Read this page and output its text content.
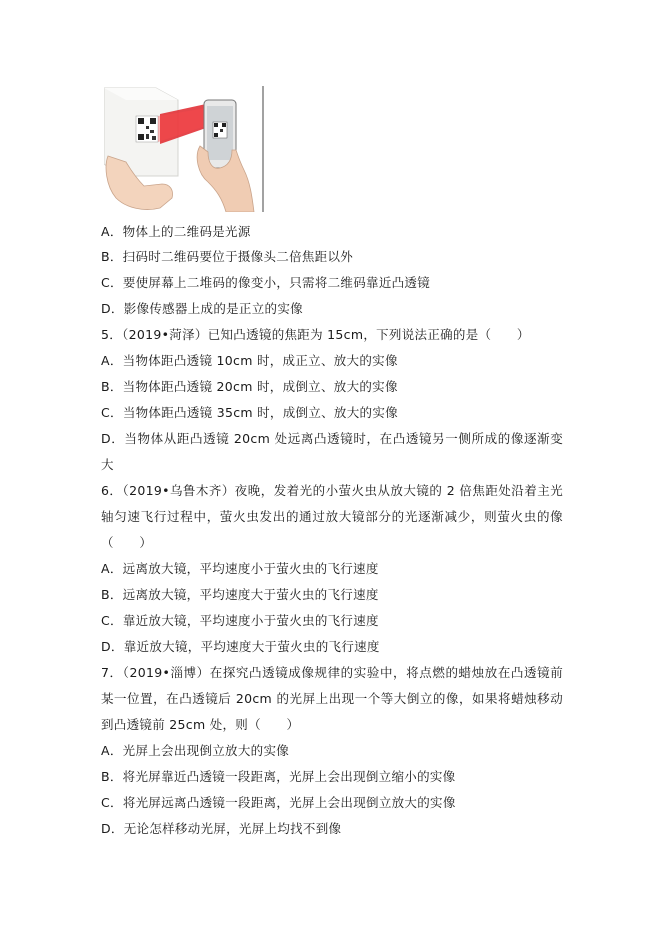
A．物体上的二维码是光源
B．扫码时二维码要位于摄像头二倍焦距以外
C．要使屏幕上二堆码的像变小，只需将二维码靠近凸透镜
D．影像传感器上成的是正立的实像
5．（2019•菏泽）已知凸透镜的焦距为 15cm，下列说法正确的是（　　）
A．当物体距凸透镜 10cm 时，成正立、放大的实像
B．当物体距凸透镜 20cm 时，成倒立、放大的实像
C．当物体距凸透镜 35cm 时，成倒立、放大的实像
D．当物体从距凸透镜 20cm 处远离凸透镜时，在凸透镜另一侧所成的像逐渐变
大
6．（2019•乌鲁木齐）夜晚，发着光的小萤火虫从放大镜的 2 倍焦距处沿着主光
轴匀速飞行过程中，萤火虫发出的通过放大镜部分的光逐渐减少，则萤火虫的像
（　　）
A．远离放大镜，平均速度小于萤火虫的飞行速度
B．远离放大镜，平均速度大于萤火虫的飞行速度
C．靠近放大镜，平均速度小于萤火虫的飞行速度
D．靠近放大镜，平均速度大于萤火虫的飞行速度
7．（2019•淄博）在探究凸透镜成像规律的实验中，将点燃的蜡烛放在凸透镜前
某一位置，在凸透镜后 20cm 的光屏上出现一个等大倒立的像，如果将蜡烛移动
到凸透镜前 25cm 处，则（　　）
A．光屏上会出现倒立放大的实像
B．将光屏靠近凸透镜一段距离，光屏上会出现倒立缩小的实像
C．将光屏远离凸透镜一段距离，光屏上会出现倒立放大的实像
D．无论怎样移动光屏，光屏上均找不到像
